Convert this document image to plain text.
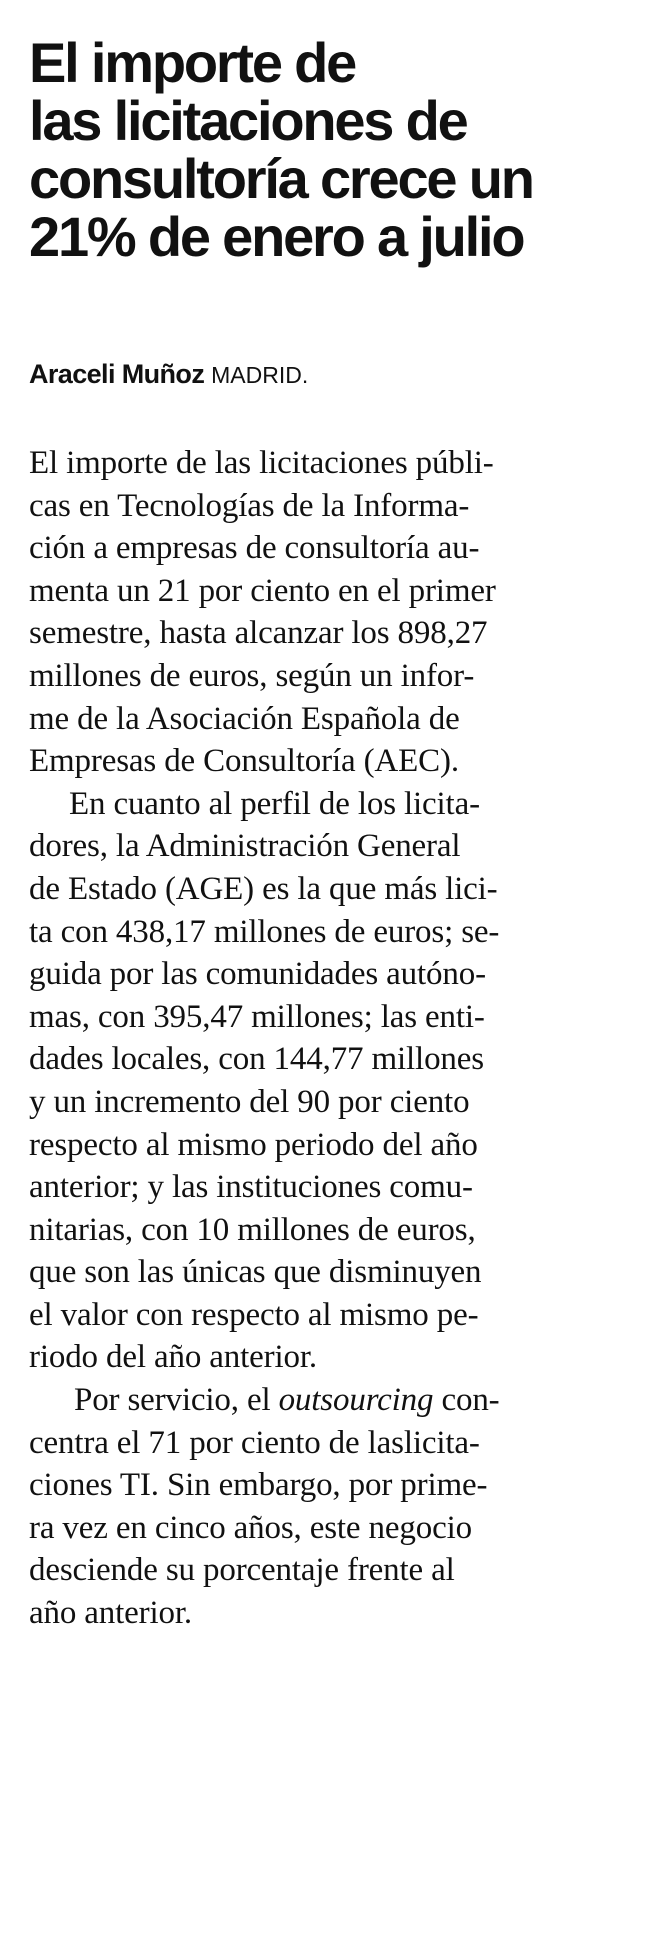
El importe de
las licitaciones de
consultoría crece un
21% de enero a julio
Araceli Muñoz MADRID.

El importe de las licitaciones públi-
cas en Tecnologías de la Informa-
ción a empresas de consultoría au-
menta un 21 por ciento en el primer
semestre, hasta alcanzar los 898,27
millones de euros, según un infor-
me de la Asociación Española de
Empresas de Consultoría (AEC).

En cuanto al perfil de los licita-
dores, la Administración General
de Estado (AGE) es la que más lici-
ta con 438,17 millones de euros; se-
guida por las comunidades autóno-
mas, con 395,47 millones; las enti-
dades locales, con 144,77 millones
y un incremento del 90 por ciento
respecto al mismo periodo del año
anterior; y las instituciones comu-
nitarias, con 10 millones de euros,
que son las únicas que disminuyen
el valor con respecto al mismo pe-
riodo del año anterior.

Por servicio, el outsourcing con-
centra el 71 por ciento de laslicita-
ciones TI. Sin embargo, por prime-
ra vez en cinco años, este negocio
desciende su porcentaje frente al
año anterior.
